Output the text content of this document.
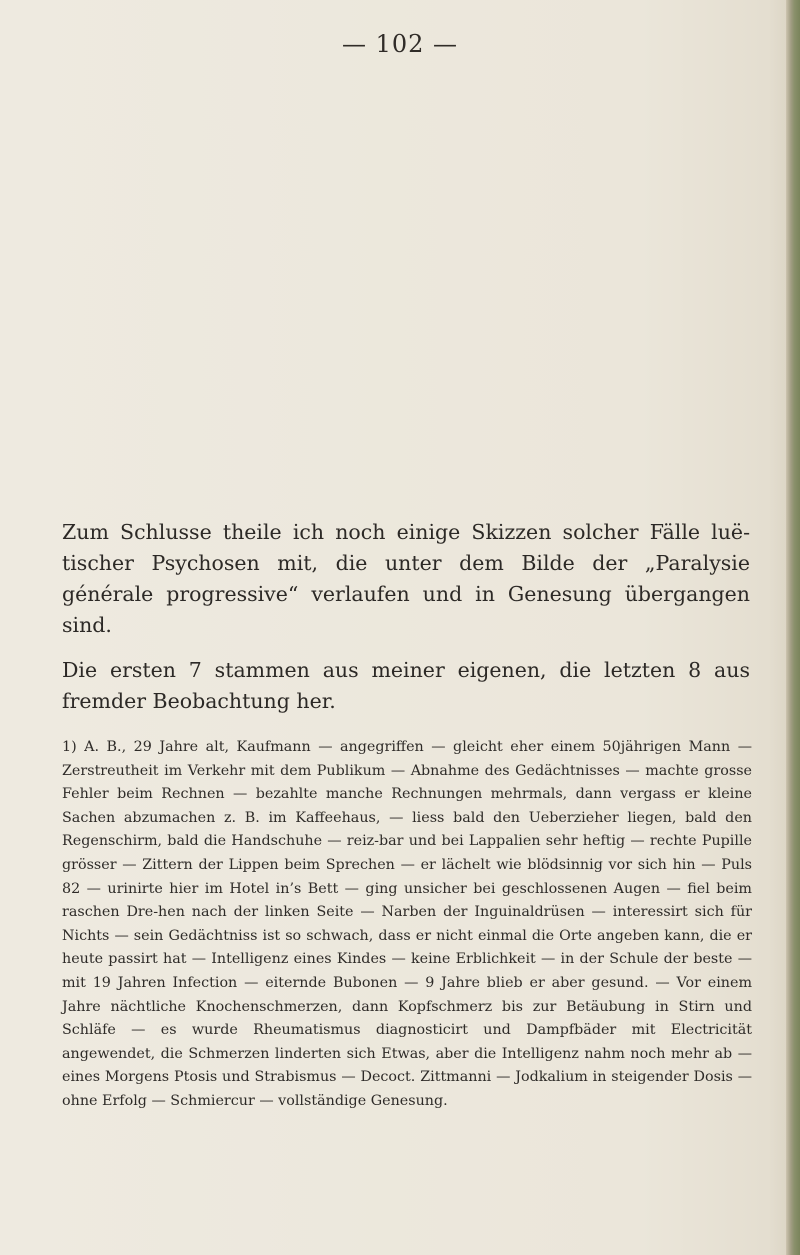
— 102 —

Zum Schlusse theile ich noch einige Skizzen solcher Fälle luë-tischer Psychosen mit, die unter dem Bilde der „Paralysie générale progressive“ verlaufen und in Genesung übergangen sind.

Die ersten 7 stammen aus meiner eigenen, die letzten 8 aus fremder Beobachtung her.

1) A. B., 29 Jahre alt, Kaufmann — angegriffen — gleicht eher einem 50jährigen Mann — Zerstreutheit im Verkehr mit dem Publikum — Abnahme des Gedächtnisses — machte grosse Fehler beim Rechnen — bezahlte manche Rechnungen mehrmals, dann vergass er kleine Sachen abzumachen z. B. im Kaffeehaus, — liess bald den Ueberzieher liegen, bald den Regenschirm, bald die Handschuhe — reiz-bar und bei Lappalien sehr heftig — rechte Pupille grösser — Zittern der Lippen beim Sprechen — er lächelt wie blödsinnig vor sich hin — Puls 82 — urinirte hier im Hotel in’s Bett — ging unsicher bei geschlossenen Augen — fiel beim raschen Dre-hen nach der linken Seite — Narben der Inguinaldrüsen — interessirt sich für Nichts — sein Gedächtniss ist so schwach, dass er nicht einmal die Orte angeben kann, die er heute passirt hat — Intelligenz eines Kindes — keine Erblichkeit — in der Schule der beste — mit 19 Jahren Infection — eiternde Bubonen — 9 Jahre blieb er aber gesund. — Vor einem Jahre nächtliche Knochenschmerzen, dann Kopfschmerz bis zur Betäubung in Stirn und Schläfe — es wurde Rheumatismus diagnosticirt und Dampfbäder mit Electricität angewendet, die Schmerzen linderten sich Etwas, aber die Intelligenz nahm noch mehr ab — eines Morgens Ptosis und Strabismus — Decoct. Zittmanni — Jodkalium in steigender Dosis — ohne Erfolg — Schmiercur — vollständige Genesung.
